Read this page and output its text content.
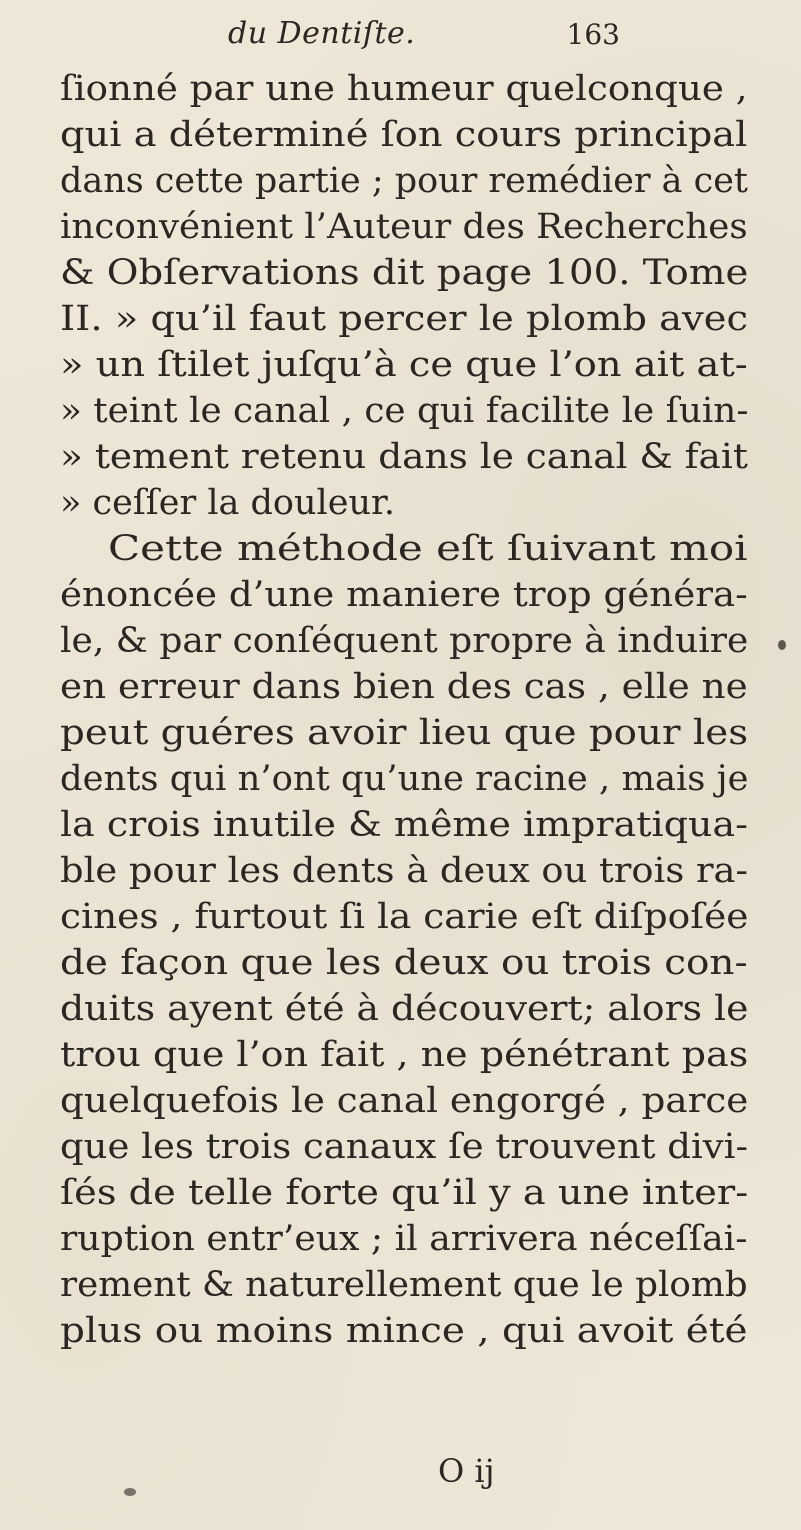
du Dentiſte.	163
ſionné par une humeur quelconque ,
qui a déterminé ſon cours principal
dans cette partie ; pour remédier à cet
inconvénient l’Auteur des Recherches
& Obſervations dit page 100. Tome
II. » qu’il faut percer le plomb avec
» un ſtilet juſqu’à ce que l’on ait at-
» teint le canal , ce qui facilite le ſuin-
» tement retenu dans le canal & fait
» ceſſer la douleur.
Cette méthode eſt ſuivant moi
énoncée d’une maniere trop généra-
le, & par conſéquent propre à induire
en erreur dans bien des cas , elle ne
peut guéres avoir lieu que pour les
dents qui n’ont qu’une racine , mais je
la crois inutile & même impratiqua-
ble pour les dents à deux ou trois ra-
cines , furtout ſi la carie eſt diſpoſée
de façon que les deux ou trois con-
duits ayent été à découvert; alors le
trou que l’on fait , ne pénétrant pas
quelquefois le canal engorgé , parce
que les trois canaux ſe trouvent divi-
ſés de telle forte qu’il y a une inter-
ruption entr’eux ; il arrivera néceſſai-
rement & naturellement que le plomb
plus ou moins mince , qui avoit été
O ij
